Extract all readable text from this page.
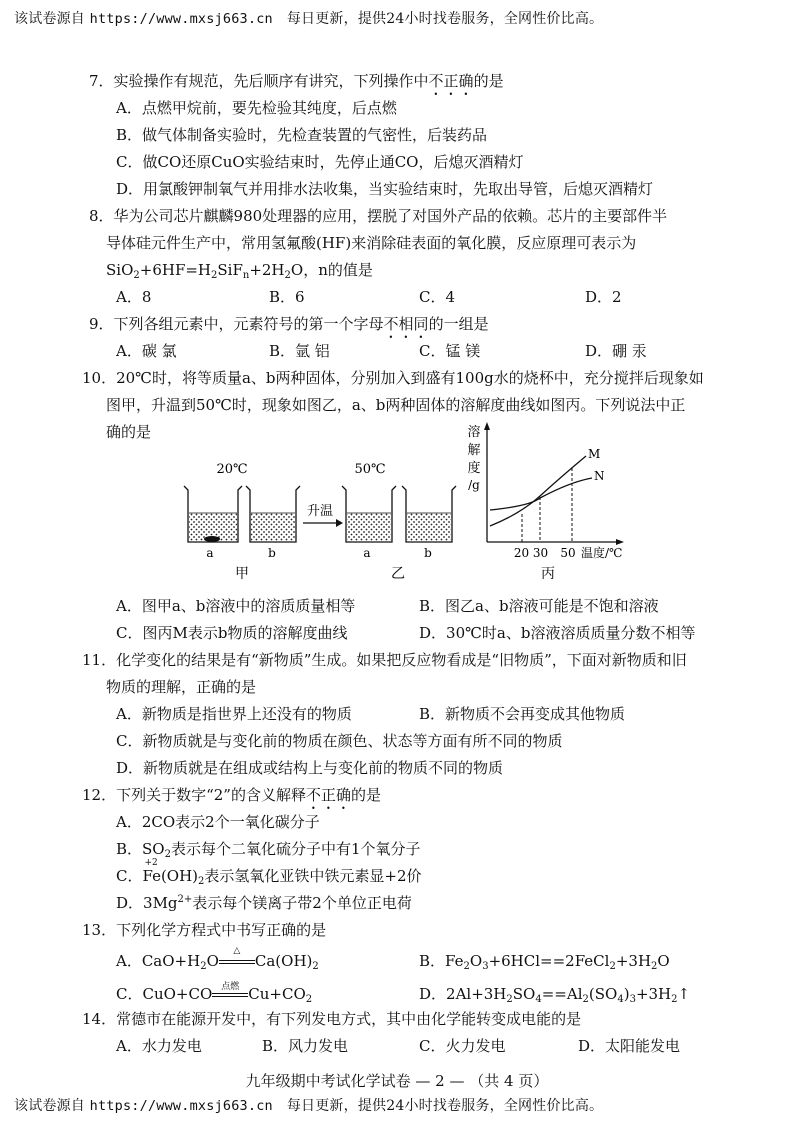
该试卷源自 https://www.mxsj663.cn 每日更新，提供24小时找卷服务，全网性价比高。
7．实验操作有规范，先后顺序有讲究，下列操作中不正确的是
A．点燃甲烷前，要先检验其纯度，后点燃
B．做气体制备实验时，先检查装置的气密性，后装药品
C．做CO还原CuO实验结束时，先停止通CO，后熄灭酒精灯
D．用氯酸钾制氧气并用排水法收集，当实验结束时，先取出导管，后熄灭酒精灯
8．华为公司芯片麒麟980处理器的应用，摆脱了对国外产品的依赖。芯片的主要部件半
导体硅元件生产中，常用氢氟酸(HF)来消除硅表面的氧化膜，反应原理可表示为
$SiO_2+6HF=H_2SiF_n+2H_2O$，n的值是
A．8	B．6	C．4	D．2
9．下列各组元素中，元素符号的第一个字母不相同的一组是
A．碳 氯	B．氩 铝	C．锰 镁	D．硼 汞
10．20℃时，将等质量a、b两种固体，分别加入到盛有100g水的烧杯中，充分搅拌后现象如
图甲，升温到50℃时，现象如图乙，a、b两种固体的溶解度曲线如图丙。下列说法中正
确的是
20℃	50℃
a	b
升温
a	b
甲	乙	丙
溶
解
度
/g
M
N
20 30 50 温度/℃
A．图甲a、b溶液中的溶质质量相等	B．图乙a、b溶液可能是不饱和溶液
C．图丙M表示b物质的溶解度曲线	D．30℃时a、b溶液溶质质量分数不相等
11．化学变化的结果是有“新物质”生成。如果把反应物看成是“旧物质”，下面对新物质和旧
物质的理解，正确的是
A．新物质是指世界上还没有的物质	B．新物质不会再变成其他物质
C．新物质就是与变化前的物质在颜色、状态等方面有所不同的物质
D．新物质就是在组成或结构上与变化前的物质不同的物质
12．下列关于数字“2”的含义解释不正确的是
A．2CO表示2个一氧化碳分子
B．$SO_2$表示每个二氧化硫分子中有1个氧分子
C．
+2
$Fe(OH)_2$表示氢氧化亚铁中铁元素显+2价
D．$3Mg^{2+}$表示每个镁离子带2个单位正电荷
13．下列化学方程式中书写正确的是
A．$CaO+H_2O$
△
$Ca(OH)_2$	B．$Fe_2O_3+6HCl==2FeCl_2+3H_2O$
C．CuO+CO 点燃 $Cu+CO_2$	D．$2Al+3H_2SO_4==Al_2(SO_4)_3+3H_2↑$
14．常德市在能源开发中，有下列发电方式，其中由化学能转变成电能的是
A．水力发电	B．风力发电	C．火力发电	D．太阳能发电
九年级期中考试化学试卷 — 2 — （共 4 页）
该试卷源自 https://www.mxsj663.cn 每日更新，提供24小时找卷服务，全网性价比高。
